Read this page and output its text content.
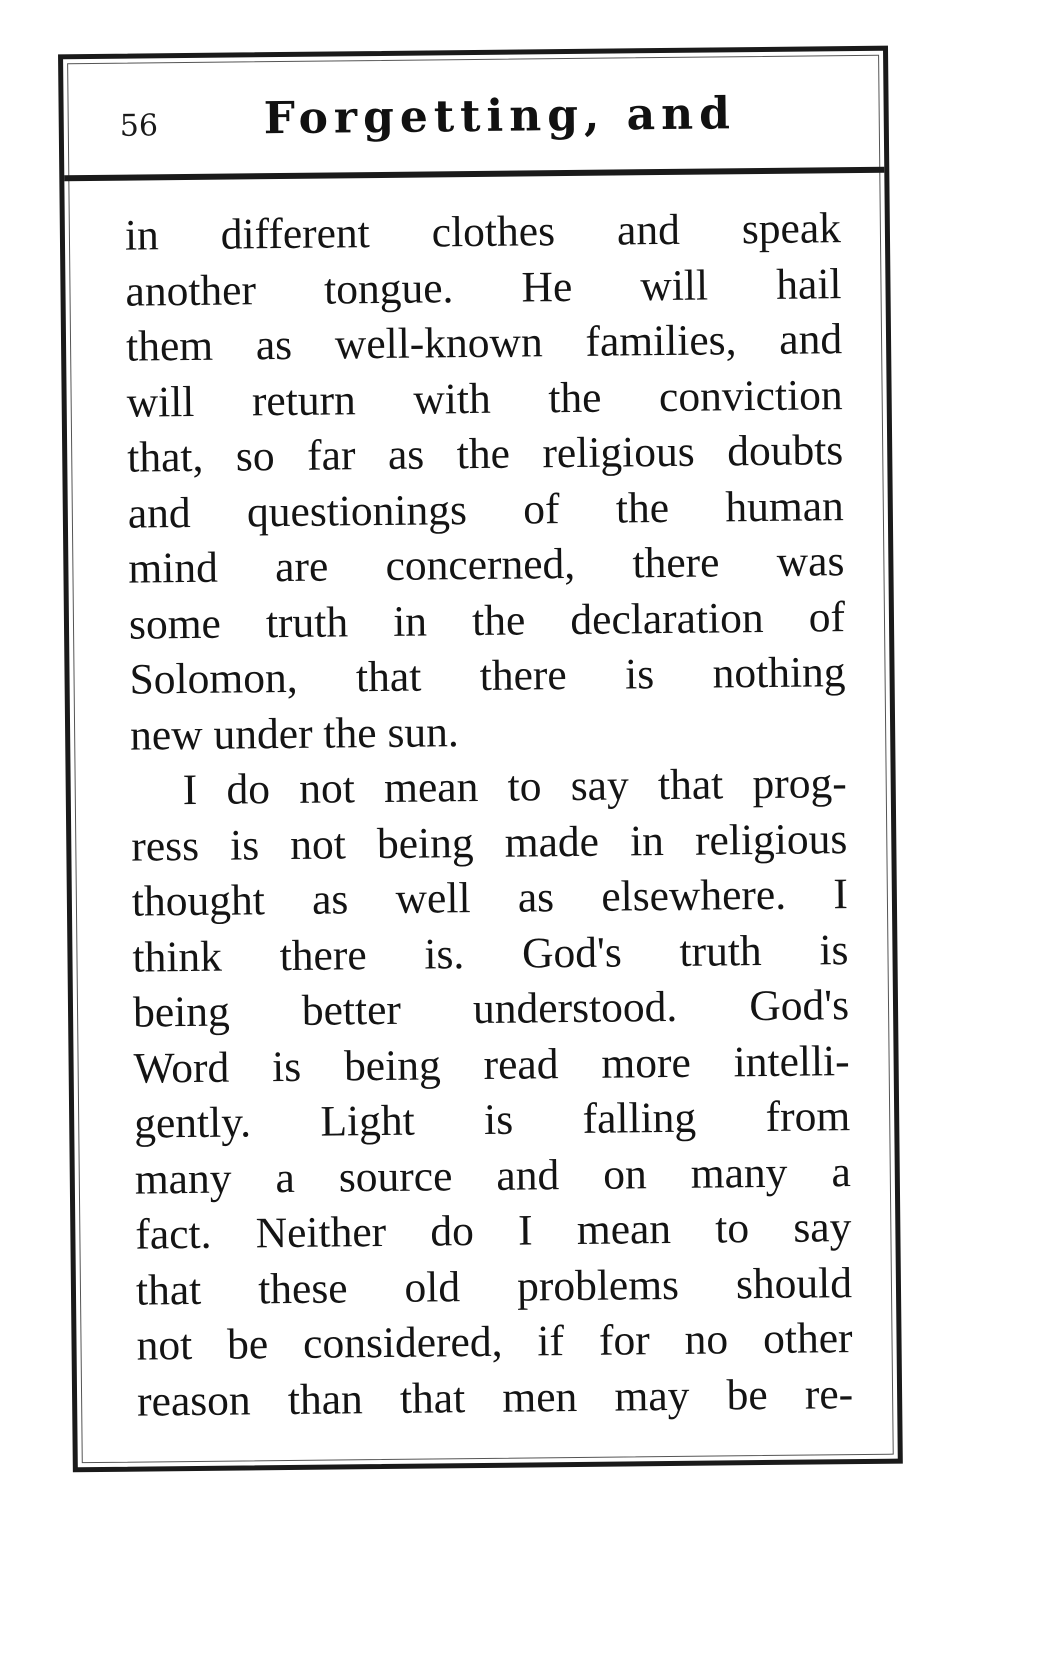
56 Forgetting, and

in different clothes and speak
another tongue. He will hail
them as well-known families, and
will return with the conviction
that, so far as the religious doubts
and questionings of the human
mind are concerned, there was
some truth in the declaration of
Solomon, that there is nothing
new under the sun.

I do not mean to say that prog-
ress is not being made in religious
thought as well as elsewhere. I
think there is. God's truth is
being better understood. God's
Word is being read more intelli-
gently. Light is falling from
many a source and on many a
fact. Neither do I mean to say
that these old problems should
not be considered, if for no other
reason than that men may be re-
